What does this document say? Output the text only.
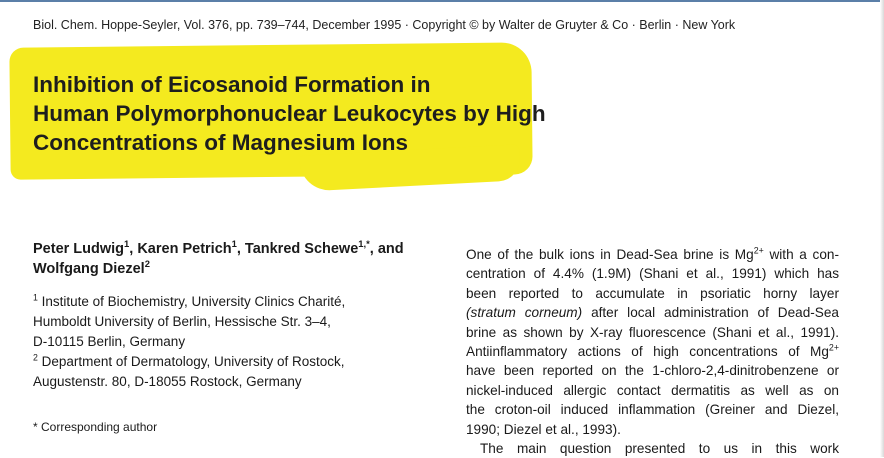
Biol. Chem. Hoppe-Seyler, Vol. 376, pp. 739–744, December 1995 · Copyright © by Walter de Gruyter & Co · Berlin · New York
Inhibition of Eicosanoid Formation in
Human Polymorphonuclear Leukocytes by High
Concentrations of Magnesium Ions
Peter Ludwig$^1$, Karen Petrich$^1$, Tankred Schewe$^{1,*}$, and Wolfgang Diezel$^2$
$^1$ Institute of Biochemistry, University Clinics Charité,
Humboldt University of Berlin, Hessische Str. 3–4,
D-10115 Berlin, Germany
$^2$ Department of Dermatology, University of Rostock,
Augustenstr. 80, D-18055 Rostock, Germany
* Corresponding author
One of the bulk ions in Dead-Sea brine is $Mg^{2+}$ with a con-
centration of 4.4% (1.9M) (Shani et al., 1991) which has
been reported to accumulate in psoriatic horny layer
(stratum corneum) after local administration of Dead-Sea
brine as shown by X-ray fluorescence (Shani et al., 1991).
Antiinflammatory actions of high concentrations of $Mg^{2+}$
have been reported on the 1-chloro-2,4-dinitrobenzene or
nickel-induced allergic contact dermatitis as well as on
the croton-oil induced inflammation (Greiner and Diezel,
1990; Diezel et al., 1993).
The main question presented to us in this work
